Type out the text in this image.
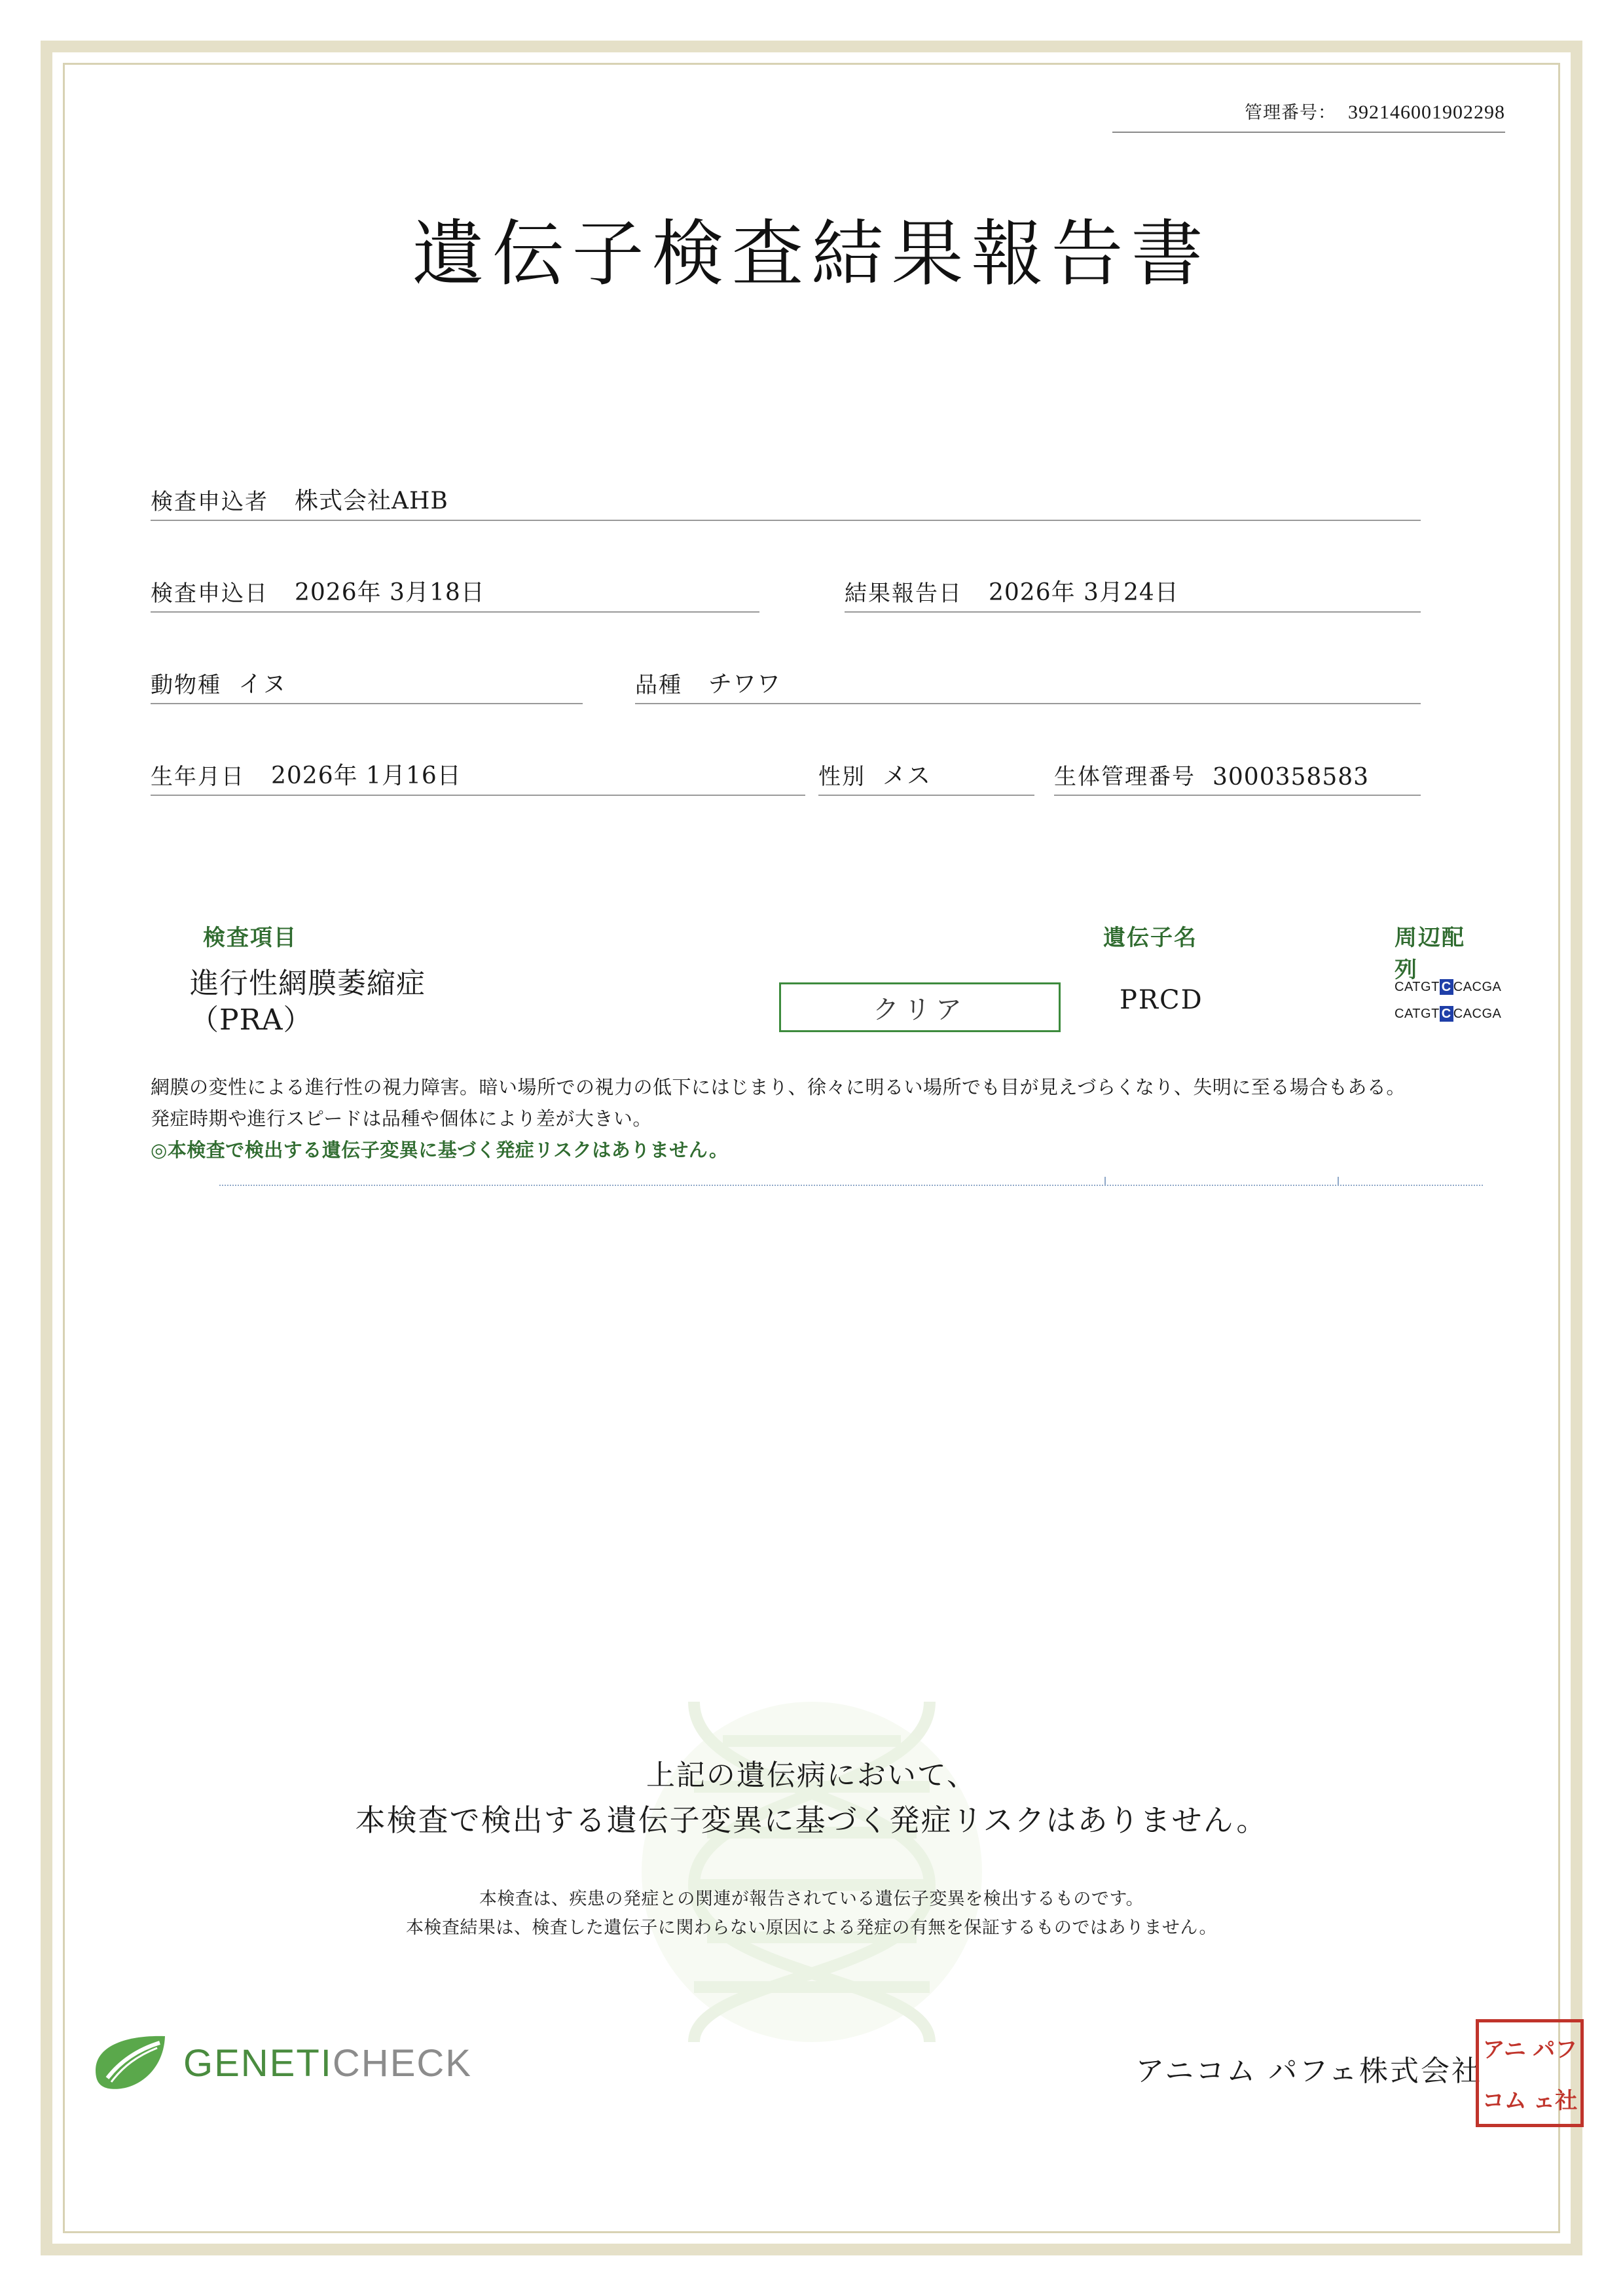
管理番号： 392146001902298
遺伝子検査結果報告書
検査申込者 株式会社AHB
検査申込日 2026年 3月18日	結果報告日 2026年 3月24日
動物種 イヌ	品種 チワワ
生年月日 2026年 1月16日	性別 メス	生体管理番号 3000358583
検査項目	遺伝子名	周辺配列
進行性網膜萎縮症
（PRA）	クリア	PRCD	CATGT C CACGA
CATGT C CACGA

網膜の変性による進行性の視力障害。暗い場所での視力の低下にはじまり、徐々に明るい場所でも目が見えづらくなり、失明に至る場合もある。

発症時期や進行スピードは品種や個体により差が大きい。

◎本検査で検出する遺伝子変異に基づく発症リスクはありません。

上記の遺伝病において、
本検査で検出する遺伝子変異に基づく発症リスクはありません。
本検査は、疾患の発症との関連が報告されている遺伝子変異を検出するものです。
本検査結果は、検査した遺伝子に関わらない原因による発症の有無を保証するものではありません。
GENETICHECK	アニコム パフェ株式会社
アニ パフ
コム ェ社
